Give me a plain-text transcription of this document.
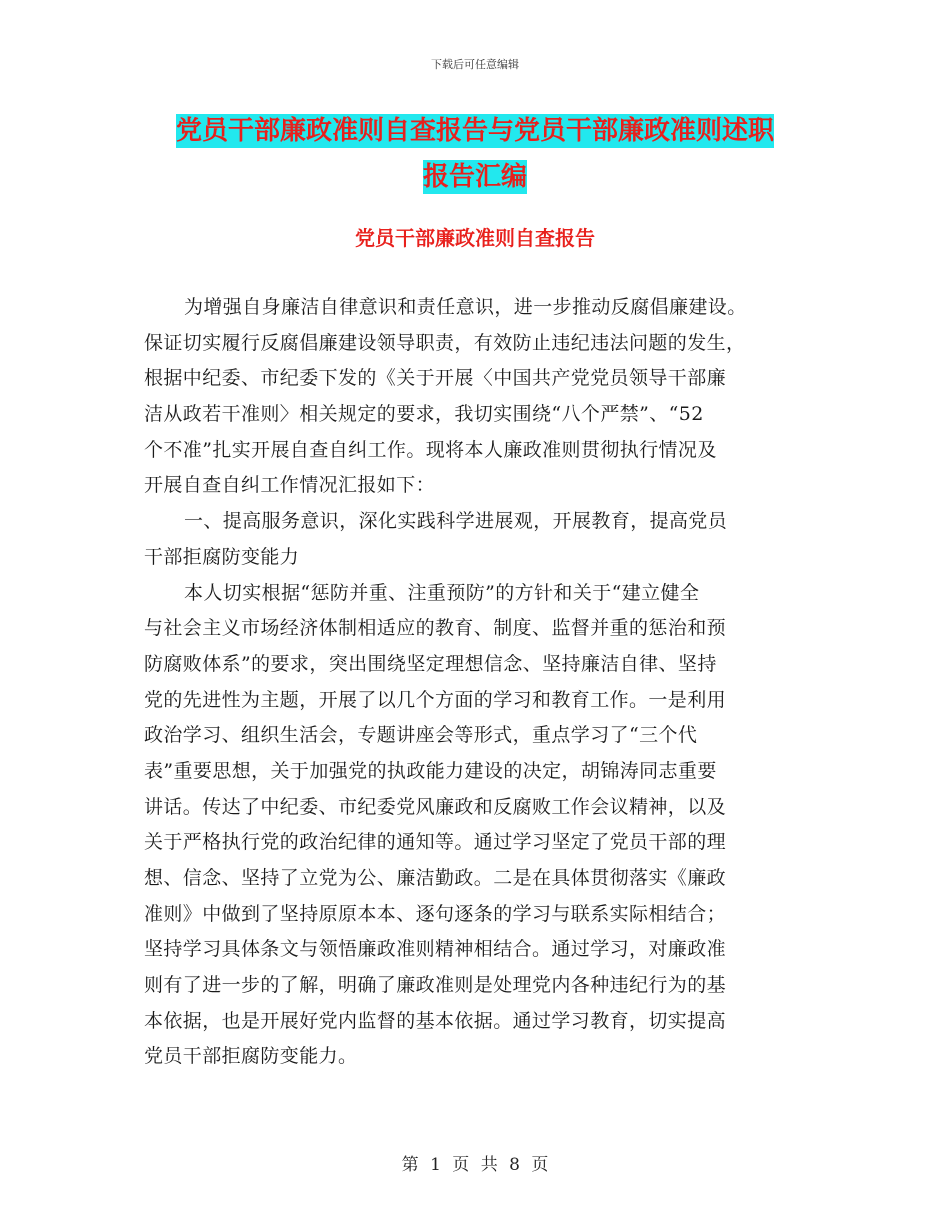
下载后可任意编辑
党员干部廉政准则自查报告与党员干部廉政准则述职
报告汇编
党员干部廉政准则自查报告
为增强自身廉洁自律意识和责任意识，进一步推动反腐倡廉建设。
保证切实履行反腐倡廉建设领导职责，有效防止违纪违法问题的发生，
根据中纪委、市纪委下发的《关于开展〈中国共产党党员领导干部廉
洁从政若干准则〉相关规定的要求，我切实围绕“八个严禁”、“52
个不准”扎实开展自查自纠工作。现将本人廉政准则贯彻执行情况及
开展自查自纠工作情况汇报如下：
一、提高服务意识，深化实践科学进展观，开展教育，提高党员
干部拒腐防变能力
本人切实根据“惩防并重、注重预防”的方针和关于“建立健全
与社会主义市场经济体制相适应的教育、制度、监督并重的惩治和预
防腐败体系”的要求，突出围绕坚定理想信念、坚持廉洁自律、坚持
党的先进性为主题，开展了以几个方面的学习和教育工作。一是利用
政治学习、组织生活会，专题讲座会等形式，重点学习了“三个代
表”重要思想，关于加强党的执政能力建设的决定，胡锦涛同志重要
讲话。传达了中纪委、市纪委党风廉政和反腐败工作会议精神，以及
关于严格执行党的政治纪律的通知等。通过学习坚定了党员干部的理
想、信念、坚持了立党为公、廉洁勤政。二是在具体贯彻落实《廉政
准则》中做到了坚持原原本本、逐句逐条的学习与联系实际相结合；
坚持学习具体条文与领悟廉政准则精神相结合。通过学习，对廉政准
则有了进一步的了解，明确了廉政准则是处理党内各种违纪行为的基
本依据，也是开展好党内监督的基本依据。通过学习教育，切实提高
党员干部拒腐防变能力。
第 1 页 共 8 页
